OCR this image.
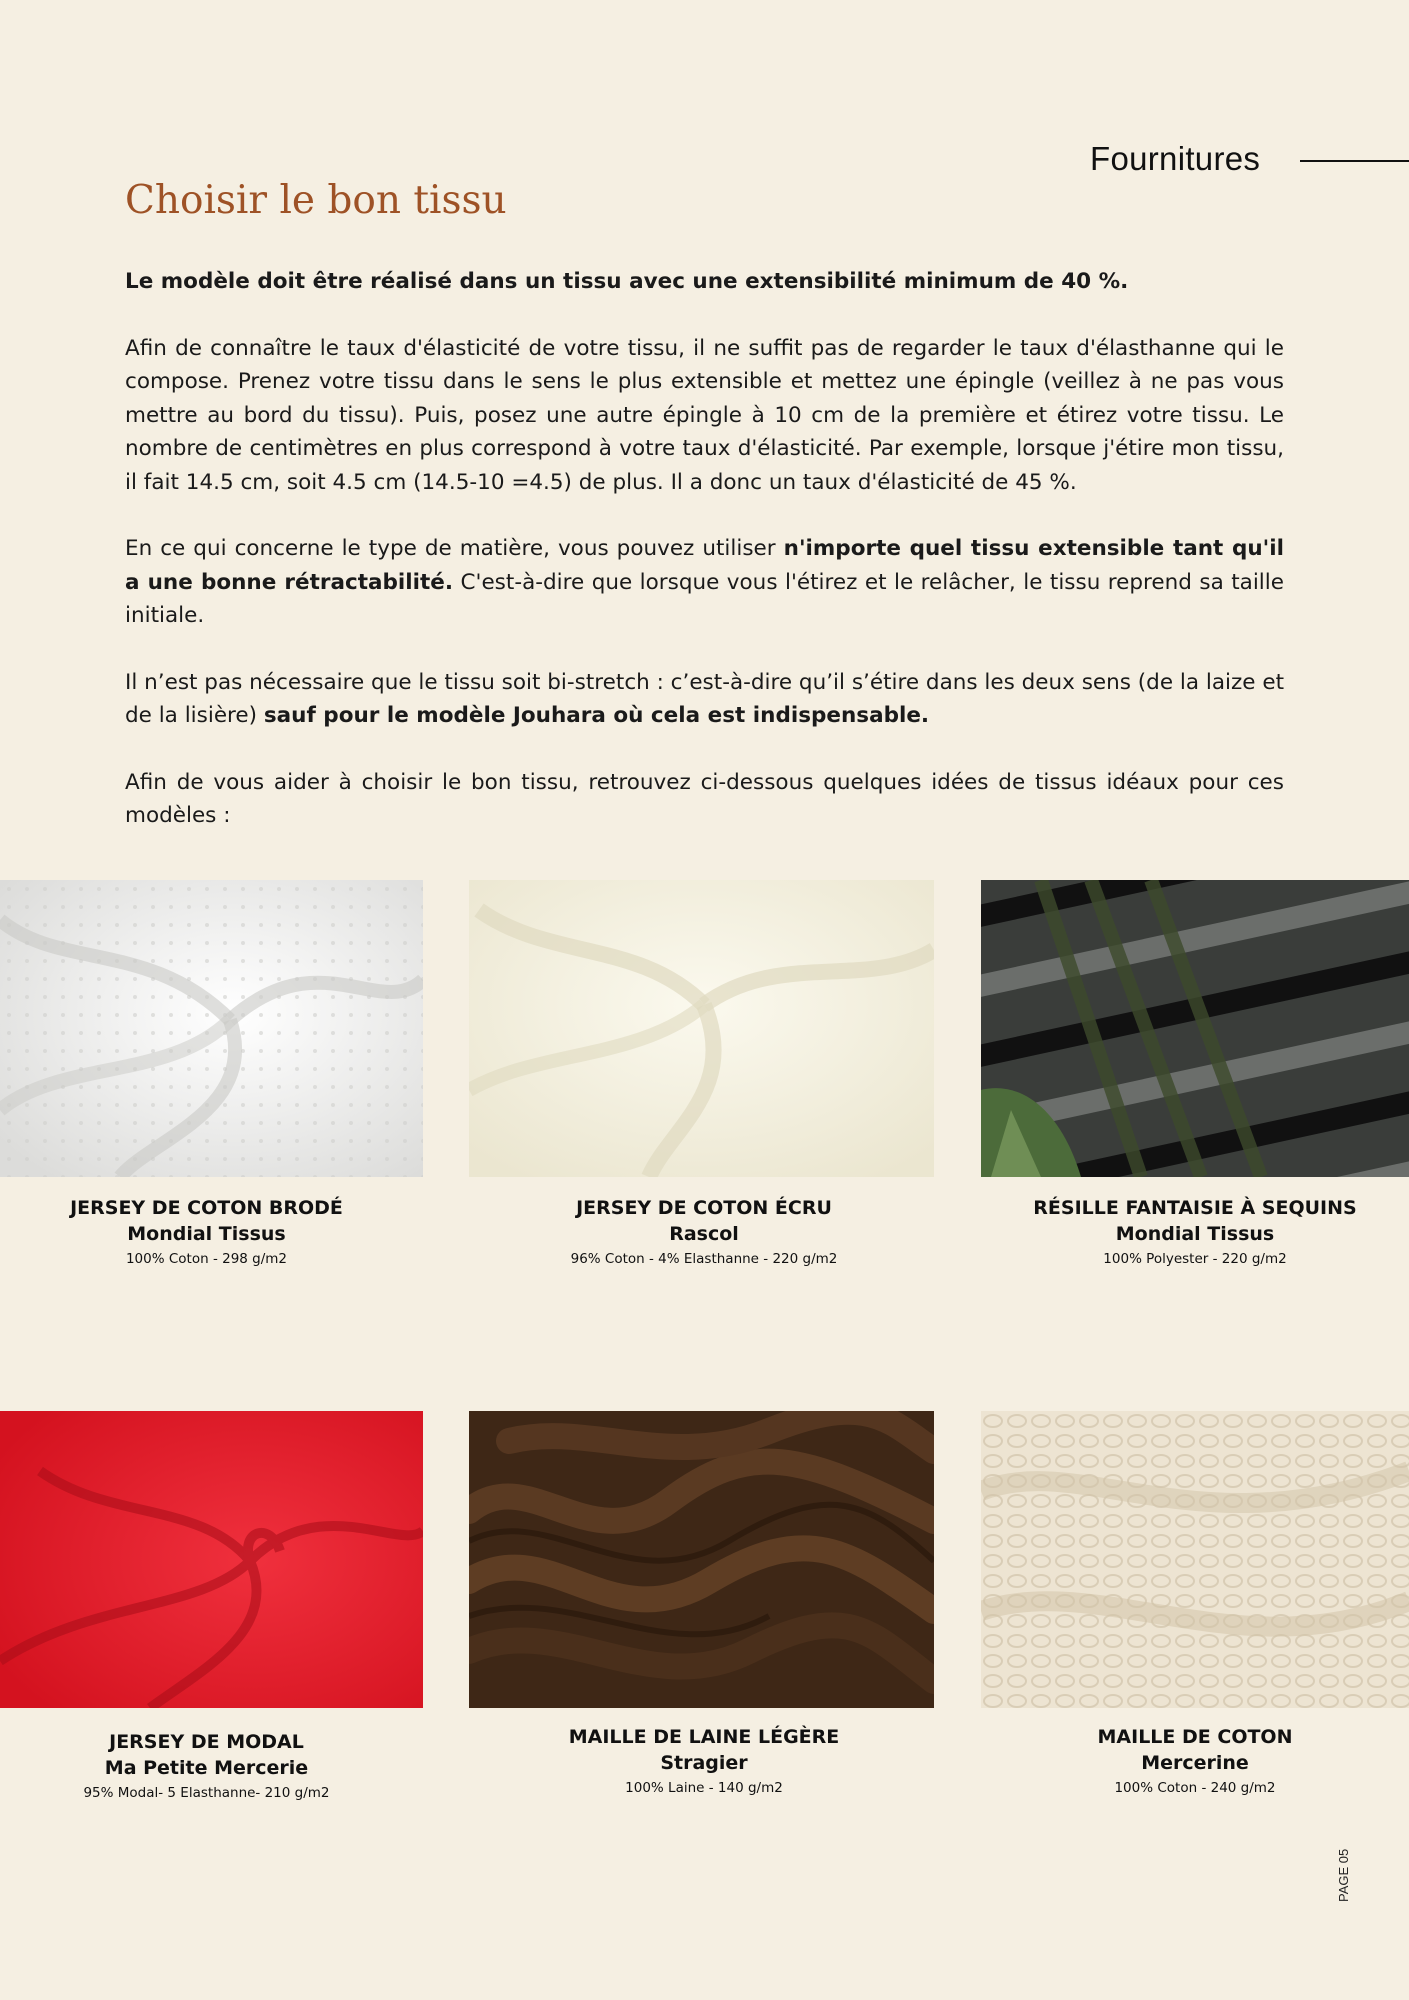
Fournitures
Choisir le bon tissu

Le modèle doit être réalisé dans un tissu avec une extensibilité minimum de 40 %.

Afin de connaître le taux d'élasticité de votre tissu, il ne suffit pas de regarder le taux d'élasthanne qui le compose. Prenez votre tissu dans le sens le plus extensible et mettez une épingle (veillez à ne pas vous mettre au bord du tissu). Puis, posez une autre épingle à 10 cm de la première et étirez votre tissu. Le nombre de centimètres en plus correspond à votre taux d'élasticité. Par exemple, lorsque j'étire mon tissu, il fait 14.5 cm, soit 4.5 cm (14.5-10 =4.5) de plus. Il a donc un taux d'élasticité de 45 %.

En ce qui concerne le type de matière, vous pouvez utiliser n'importe quel tissu extensible tant qu'il a une bonne rétractabilité. C'est-à-dire que lorsque vous l'étirez et le relâcher, le tissu reprend sa taille initiale.

Il n’est pas nécessaire que le tissu soit bi-stretch : c’est-à-dire qu’il s’étire dans les deux sens (de la laize et de la lisière) sauf pour le modèle Jouhara où cela est indispensable.

Afin de vous aider à choisir le bon tissu, retrouvez ci-dessous quelques idées de tissus idéaux pour ces modèles :

JERSEY DE COTON BRODÉ
Mondial Tissus
100% Coton - 298 g/m2
JERSEY DE COTON ÉCRU
Rascol
96% Coton - 4% Elasthanne - 220 g/m2
RÉSILLE FANTAISIE À SEQUINS
Mondial Tissus
100% Polyester - 220 g/m2
JERSEY DE MODAL
Ma Petite Mercerie
95% Modal- 5 Elasthanne- 210 g/m2
MAILLE DE LAINE LÉGÈRE
Stragier
100% Laine - 140 g/m2
MAILLE DE COTON
Mercerine
100% Coton - 240 g/m2
PAGE 05
